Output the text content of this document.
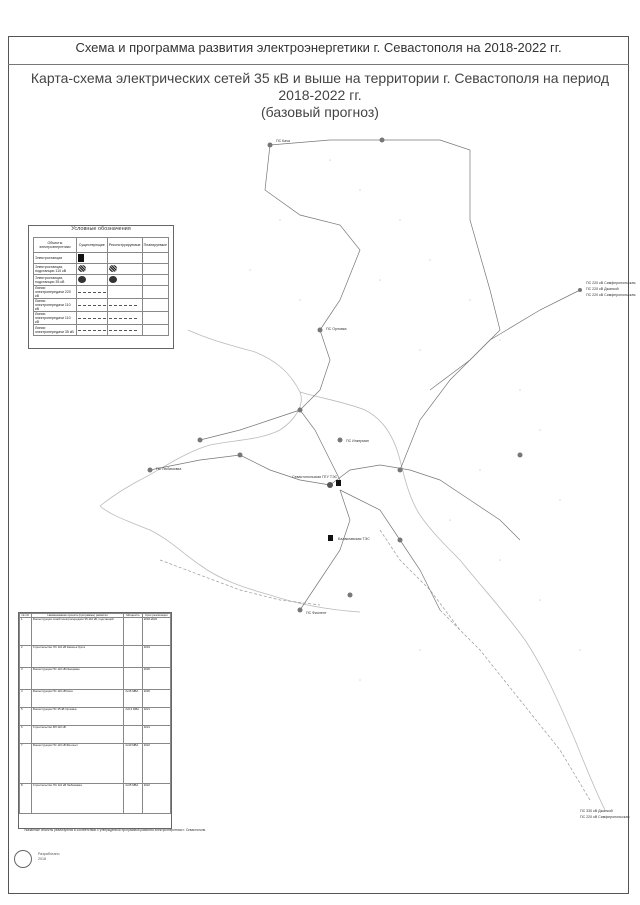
Схема и программа развития электроэнергетики г. Севастополя на 2018-2022 гг.
Карта-схема электрических сетей 35 кВ и выше на территории г. Севастополя на период 2018-2022 гг.
(базовый прогноз)
ПС 220 кВ Симферопольская
ПС 220 кВ Джанкой
ПС 220 кВ Симферопольская
ПС 330 кВ Джанкой
ПС 220 кВ Симферопольская
Балаклавская ТЭС
Севастопольская ПГУ ТЭС
ПС Инкерман
ПС Кача
ПС Орловка
ПС Любимовка
ПС Фиолент
Условные обозначения
Объекты электроэнергетики	Существующие	Реконструируемые	Планируемые
Электростанции			
Электростанции, подстанции 110 кВ			
Электростанции, подстанции 35 кВ			
Линии электропередачи 220 кВ			
Линии электропередачи 110 кВ			
Линии электропередачи 110 кВ			
Линии электропередачи 35 кВ			
№ п/п	Наименование проекта (программы) развития	Мощность	Срок реализации
1	Реконструкция линий электропередачи 35-110 кВ, подстанций		2018-2022
2	Строительство ПС 110 кВ Казачья бухта		2019
3	Реконструкция ПС 110 кВ Инкерман		2020
4	Реконструкция ПС 110 кВ Кача	2x16 МВА	2020
5	Реконструкция ПС 35 кВ Орловка	2x6,3 МВА	2021
6	Строительство ВЛ 110 кВ		2021
7	Реконструкция ПС 110 кВ Фиолент	2x40 МВА	2022
8	Строительство ПС 110 кВ Любимовка	2x25 МВА	2022
Указанные объекты реализуются в соответствии с утвержденной программой развития электроэнергетики г. Севастополя.
Разработано
2018
